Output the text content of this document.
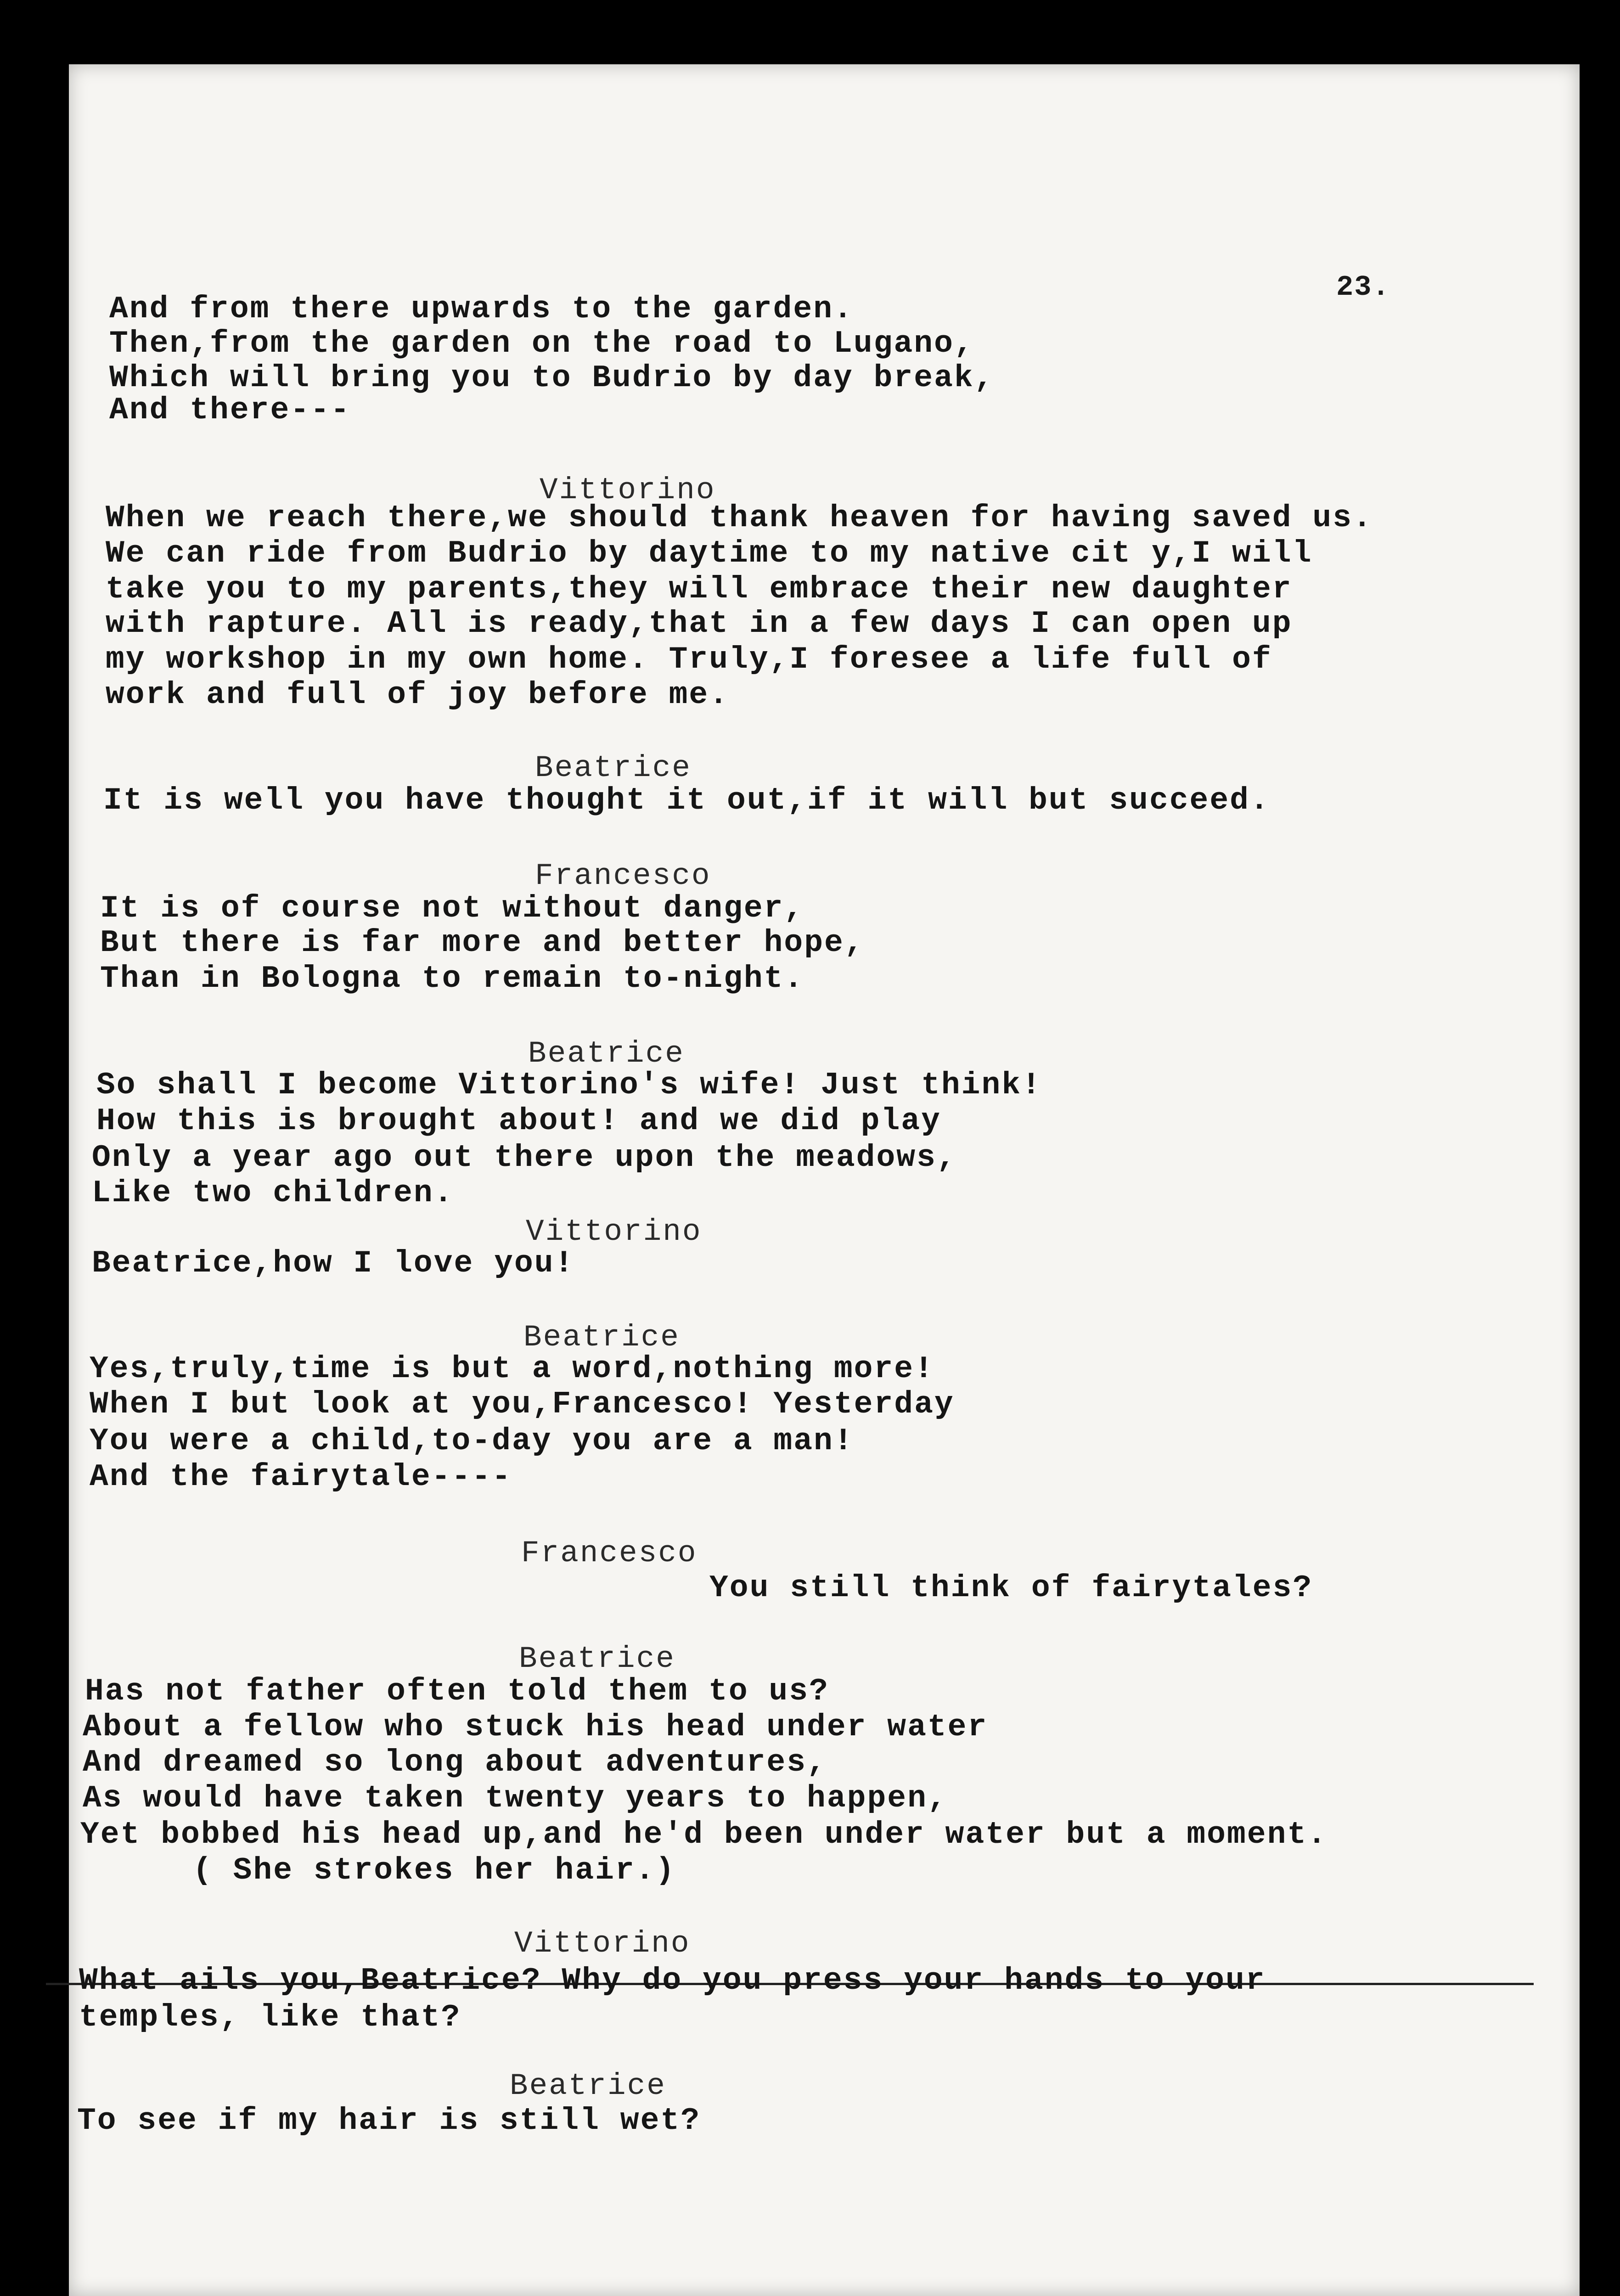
23.
And from there upwards to the garden.
Then,from the garden on the road to Lugano,
Which will bring you to Budrio by day break,
And there---
Vittorino
When we reach there,we should thank heaven for having saved us.
We can ride from Budrio by daytime to my native cit y,I will
take you to my parents,they will embrace their new daughter
with rapture. All is ready,that in a few days I can open up
my workshop in my own home. Truly,I foresee a life full of
work and full of joy before me.
Beatrice
It is well you have thought it out,if it will but succeed.
Francesco
It is of course not without danger,
But there is far more and better hope,
Than in Bologna to remain to-night.
Beatrice
So shall I become Vittorino's wife! Just think!
How this is brought about! and we did play
Only a year ago out there upon the meadows,
Like two children.
Vittorino
Beatrice,how I love you!
Beatrice
Yes,truly,time is but a word,nothing more!
When I but look at you,Francesco! Yesterday
You were a child,to-day you are a man!
And the fairytale----
Francesco
You still think of fairytales?
Beatrice
Has not father often told them to us?
About a fellow who stuck his head under water
And dreamed so long about adventures,
As would have taken twenty years to happen,
Yet bobbed his head up,and he'd been under water but a moment.
( She strokes her hair.)
Vittorino
What ails you,Beatrice? Why do you press your hands to your
temples, like that?
Beatrice
To see if my hair is still wet?
